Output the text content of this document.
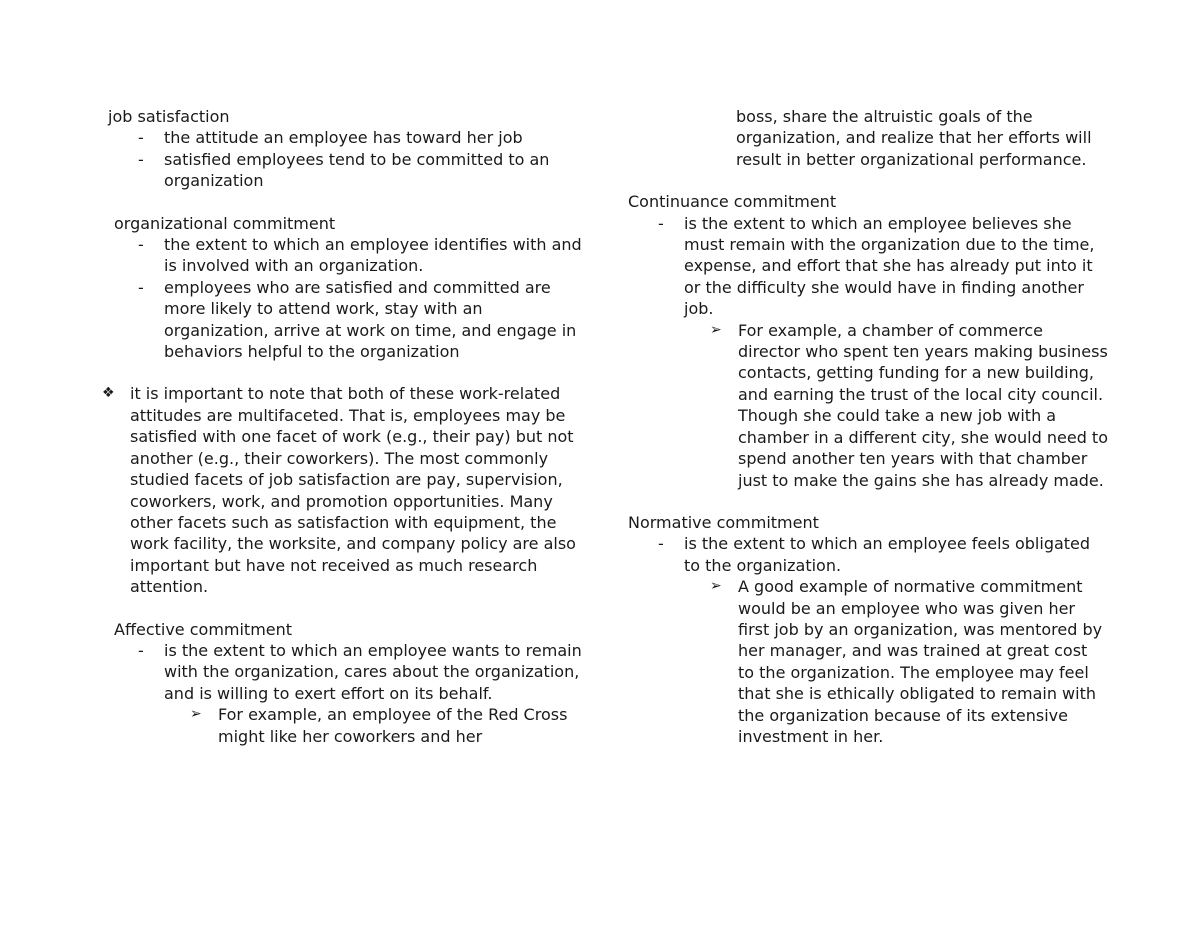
job satisfaction
- the attitude an employee has toward her job
- satisfied employees tend to be committed to an organization
organizational commitment
- the extent to which an employee identifies with and is involved with an organization.
- employees who are satisfied and committed are more likely to attend work, stay with an organization, arrive at work on time, and engage in behaviors helpful to the organization
❖ it is important to note that both of these work-related attitudes are multifaceted. That is, employees may be satisfied with one facet of work (e.g., their pay) but not another (e.g., their coworkers). The most commonly studied facets of job satisfaction are pay, supervision, coworkers, work, and promotion opportunities. Many other facets such as satisfaction with equipment, the work facility, the worksite, and company policy are also important but have not received as much research attention.
Affective commitment
- is the extent to which an employee wants to remain with the organization, cares about the organization, and is willing to exert effort on its behalf.
➢ For example, an employee of the Red Cross might like her coworkers and her
boss, share the altruistic goals of the organization, and realize that her efforts will result in better organizational performance.
Continuance commitment
- is the extent to which an employee believes she must remain with the organization due to the time, expense, and effort that she has already put into it or the difficulty she would have in finding another job.
➢ For example, a chamber of commerce director who spent ten years making business contacts, getting funding for a new building, and earning the trust of the local city council. Though she could take a new job with a chamber in a different city, she would need to spend another ten years with that chamber just to make the gains she has already made.
Normative commitment
- is the extent to which an employee feels obligated to the organization.
➢ A good example of normative commitment would be an employee who was given her first job by an organization, was mentored by her manager, and was trained at great cost to the organization. The employee may feel that she is ethically obligated to remain with the organization because of its extensive investment in her.
